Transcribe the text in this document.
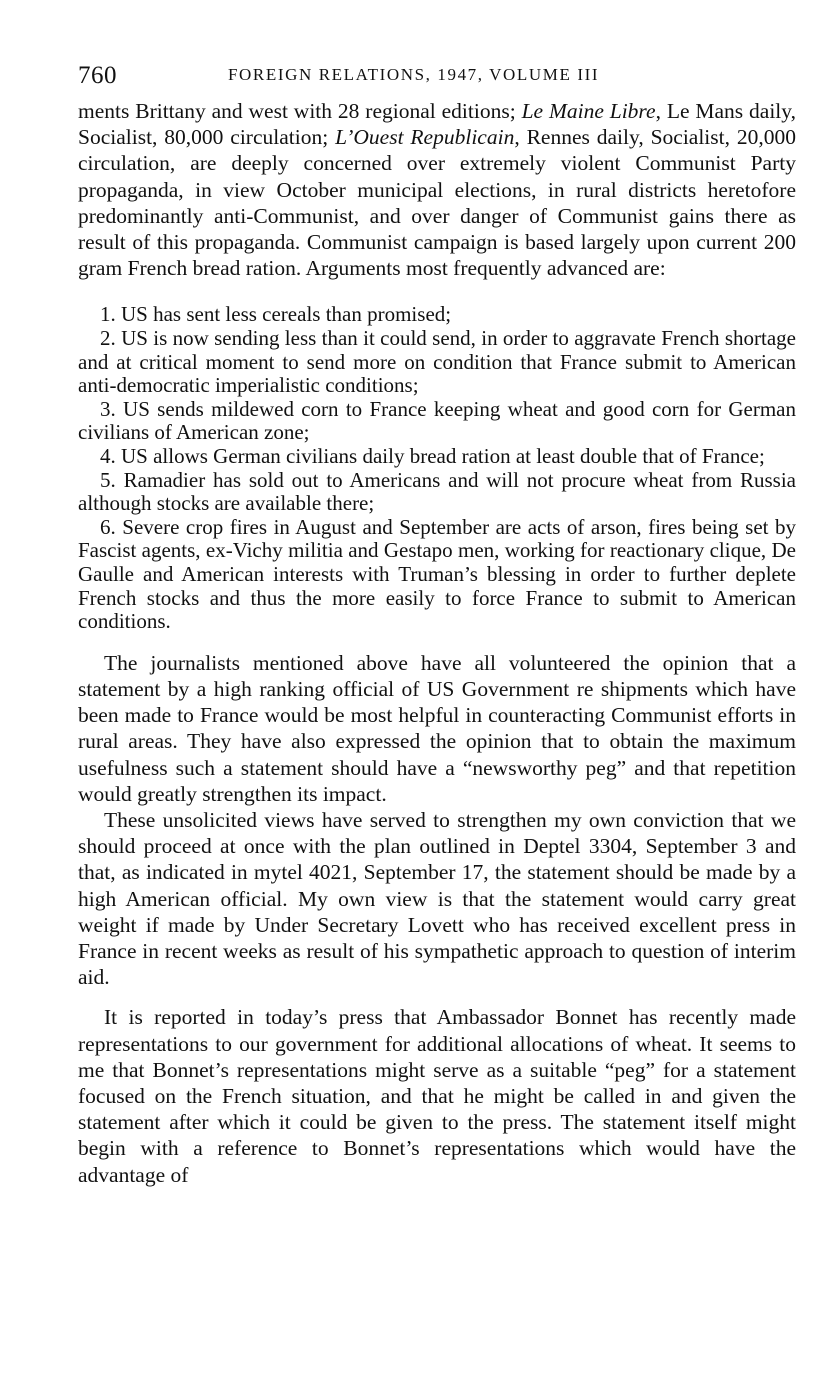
760	FOREIGN RELATIONS, 1947, VOLUME III

ments Brittany and west with 28 regional editions; Le Maine Libre, Le Mans daily, Socialist, 80,000 circulation; L’Ouest Republicain, Rennes daily, Socialist, 20,000 circulation, are deeply concerned over extremely violent Communist Party propaganda, in view October municipal elections, in rural districts heretofore predominantly anti-Communist, and over danger of Communist gains there as result of this propaganda. Communist campaign is based largely upon current 200 gram French bread ration. Arguments most frequently advanced are:

1. US has sent less cereals than promised;
2. US is now sending less than it could send, in order to aggravate French shortage and at critical moment to send more on condition that France submit to American anti-democratic imperialistic conditions;
3. US sends mildewed corn to France keeping wheat and good corn for German civilians of American zone;
4. US allows German civilians daily bread ration at least double that of France;
5. Ramadier has sold out to Americans and will not procure wheat from Russia although stocks are available there;
6. Severe crop fires in August and September are acts of arson, fires being set by Fascist agents, ex-Vichy militia and Gestapo men, working for reactionary clique, De Gaulle and American interests with Truman’s blessing in order to further deplete French stocks and thus the more easily to force France to submit to American conditions.

The journalists mentioned above have all volunteered the opinion that a statement by a high ranking official of US Government re shipments which have been made to France would be most helpful in counteracting Communist efforts in rural areas. They have also expressed the opinion that to obtain the maximum usefulness such a statement should have a “newsworthy peg” and that repetition would greatly strengthen its impact.

These unsolicited views have served to strengthen my own conviction that we should proceed at once with the plan outlined in Deptel 3304, September 3 and that, as indicated in mytel 4021, September 17, the statement should be made by a high American official. My own view is that the statement would carry great weight if made by Under Secretary Lovett who has received excellent press in France in recent weeks as result of his sympathetic approach to question of interim aid.

It is reported in today’s press that Ambassador Bonnet has recently made representations to our government for additional allocations of wheat. It seems to me that Bonnet’s representations might serve as a suitable “peg” for a statement focused on the French situation, and that he might be called in and given the statement after which it could be given to the press. The statement itself might begin with a reference to Bonnet’s representations which would have the advantage of
